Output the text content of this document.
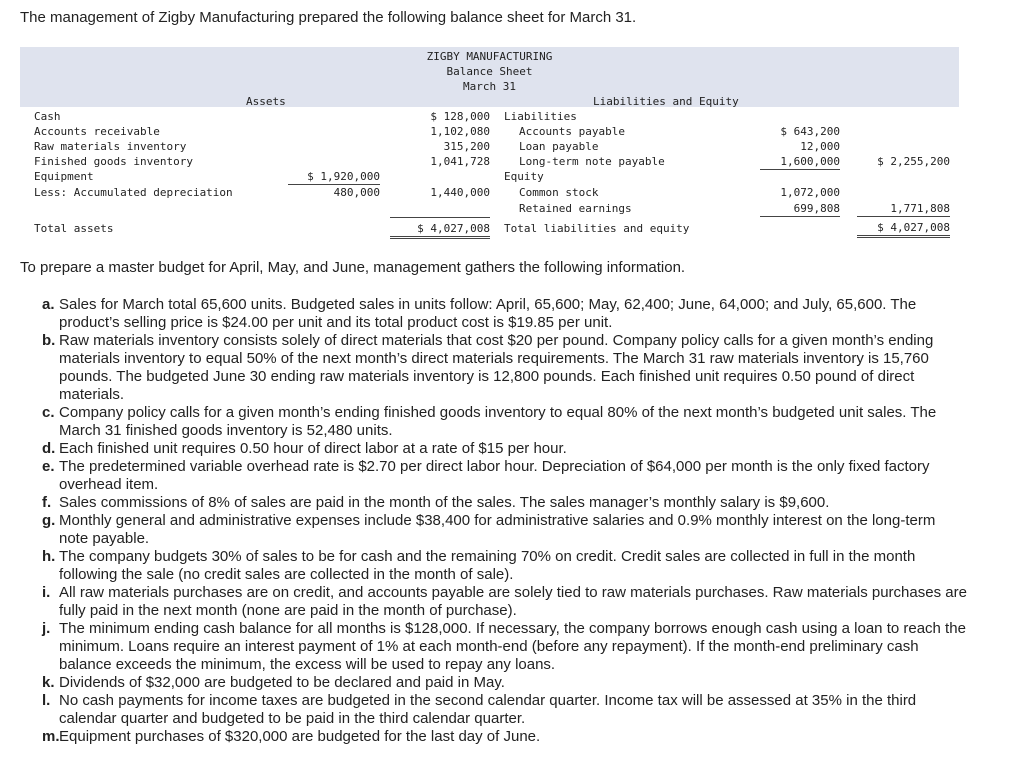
The management of Zigby Manufacturing prepared the following balance sheet for March 31.
ZIGBY MANUFACTURING
Balance Sheet
March 31
Assets	Liabilities and Equity
Cash	$ 128,000
Accounts receivable	1,102,080
Raw materials inventory	315,200
Finished goods inventory	1,041,728
Equipment	$ 1,920,000
Less: Accumulated depreciation	480,000	1,440,000
Total assets	$ 4,027,008
Liabilities
Accounts payable	$ 643,200
Loan payable	12,000
Long-term note payable	1,600,000	$ 2,255,200
Equity
Common stock	1,072,000
Retained earnings	699,808	1,771,808
Total liabilities and equity	$ 4,027,008
To prepare a master budget for April, May, and June, management gathers the following information.
a. Sales for March total 65,600 units. Budgeted sales in units follow: April, 65,600; May, 62,400; June, 64,000; and July, 65,600. The product’s selling price is $24.00 per unit and its total product cost is $19.85 per unit.
b. Raw materials inventory consists solely of direct materials that cost $20 per pound. Company policy calls for a given month’s ending materials inventory to equal 50% of the next month’s direct materials requirements. The March 31 raw materials inventory is 15,760 pounds. The budgeted June 30 ending raw materials inventory is 12,800 pounds. Each finished unit requires 0.50 pound of direct materials.
c. Company policy calls for a given month’s ending finished goods inventory to equal 80% of the next month’s budgeted unit sales. The March 31 finished goods inventory is 52,480 units.
d. Each finished unit requires 0.50 hour of direct labor at a rate of $15 per hour.
e. The predetermined variable overhead rate is $2.70 per direct labor hour. Depreciation of $64,000 per month is the only fixed factory overhead item.
f. Sales commissions of 8% of sales are paid in the month of the sales. The sales manager’s monthly salary is $9,600.
g. Monthly general and administrative expenses include $38,400 for administrative salaries and 0.9% monthly interest on the long-term note payable.
h. The company budgets 30% of sales to be for cash and the remaining 70% on credit. Credit sales are collected in full in the month following the sale (no credit sales are collected in the month of sale).
i. All raw materials purchases are on credit, and accounts payable are solely tied to raw materials purchases. Raw materials purchases are fully paid in the next month (none are paid in the month of purchase).
j. The minimum ending cash balance for all months is $128,000. If necessary, the company borrows enough cash using a loan to reach the minimum. Loans require an interest payment of 1% at each month-end (before any repayment). If the month-end preliminary cash balance exceeds the minimum, the excess will be used to repay any loans.
k. Dividends of $32,000 are budgeted to be declared and paid in May.
l. No cash payments for income taxes are budgeted in the second calendar quarter. Income tax will be assessed at 35% in the third calendar quarter and budgeted to be paid in the third calendar quarter.
m. Equipment purchases of $320,000 are budgeted for the last day of June.
